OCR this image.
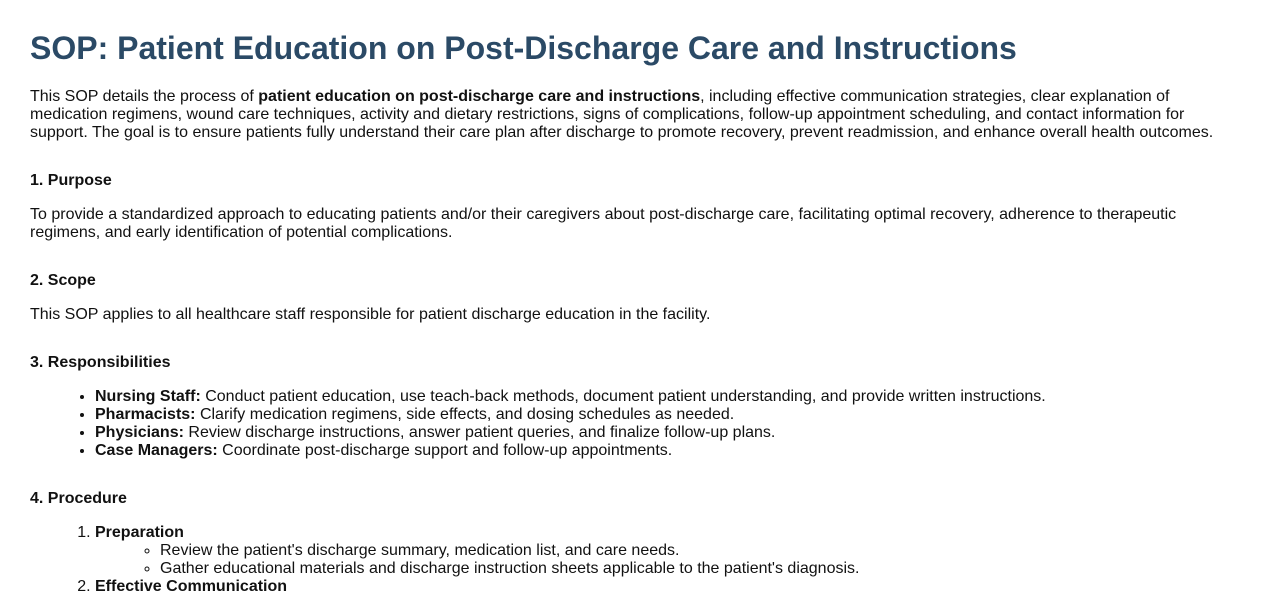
SOP: Patient Education on Post-Discharge Care and Instructions

This SOP details the process of patient education on post-discharge care and instructions, including effective communication strategies, clear explanation of medication regimens, wound care techniques, activity and dietary restrictions, signs of complications, follow-up appointment scheduling, and contact information for support. The goal is to ensure patients fully understand their care plan after discharge to promote recovery, prevent readmission, and enhance overall health outcomes.

1. Purpose

To provide a standardized approach to educating patients and/or their caregivers about post-discharge care, facilitating optimal recovery, adherence to therapeutic regimens, and early identification of potential complications.

2. Scope

This SOP applies to all healthcare staff responsible for patient discharge education in the facility.

3. Responsibilities
• Nursing Staff: Conduct patient education, use teach-back methods, document patient understanding, and provide written instructions.
• Pharmacists: Clarify medication regimens, side effects, and dosing schedules as needed.
• Physicians: Review discharge instructions, answer patient queries, and finalize follow-up plans.
• Case Managers: Coordinate post-discharge support and follow-up appointments.
4. Procedure
1. Preparation
◦ Review the patient's discharge summary, medication list, and care needs.
◦ Gather educational materials and discharge instruction sheets applicable to the patient's diagnosis.
2. Effective Communication
